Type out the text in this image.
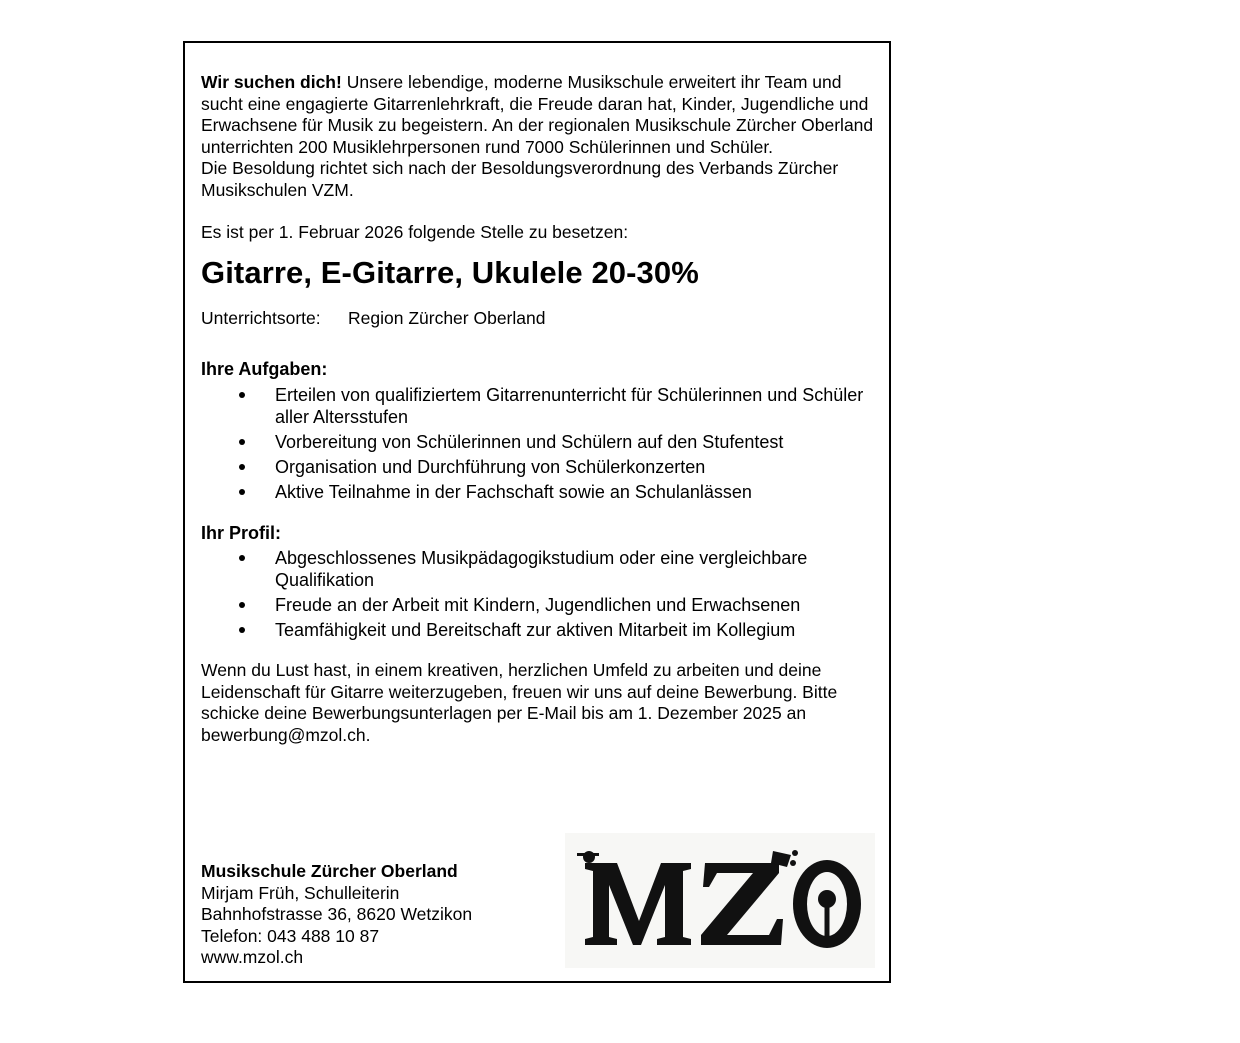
Wir suchen dich! Unsere lebendige, moderne Musikschule erweitert ihr Team und sucht eine engagierte Gitarrenlehrkraft, die Freude daran hat, Kinder, Jugendliche und Erwachsene für Musik zu begeistern. An der regionalen Musikschule Zürcher Oberland unterrichten 200 Musiklehrpersonen rund 7000 Schülerinnen und Schüler.

Die Besoldung richtet sich nach der Besoldungsverordnung des Verbands Zürcher Musikschulen VZM.

Es ist per 1. Februar 2026 folgende Stelle zu besetzen:
Gitarre, E-Gitarre, Ukulele 20-30%
Unterrichtsorte:	Region Zürcher Oberland
Ihre Aufgaben:
Erteilen von qualifiziertem Gitarrenunterricht für Schülerinnen und Schüler aller Altersstufen
Vorbereitung von Schülerinnen und Schülern auf den Stufentest
Organisation und Durchführung von Schülerkonzerten
Aktive Teilnahme in der Fachschaft sowie an Schulanlässen
Ihr Profil:
Abgeschlossenes Musikpädagogikstudium oder eine vergleichbare Qualifikation
Freude an der Arbeit mit Kindern, Jugendlichen und Erwachsenen
Teamfähigkeit und Bereitschaft zur aktiven Mitarbeit im Kollegium
Wenn du Lust hast, in einem kreativen, herzlichen Umfeld zu arbeiten und deine Leidenschaft für Gitarre weiterzugeben, freuen wir uns auf deine Bewerbung. Bitte schicke deine Bewerbungsunterlagen per E-Mail bis am 1. Dezember 2025 an bewerbung@mzol.ch.
Musikschule Zürcher Oberland
Mirjam Früh, Schulleiterin
Bahnhofstrasse 36, 8620 Wetzikon
Telefon: 043 488 10 87
www.mzol.ch
